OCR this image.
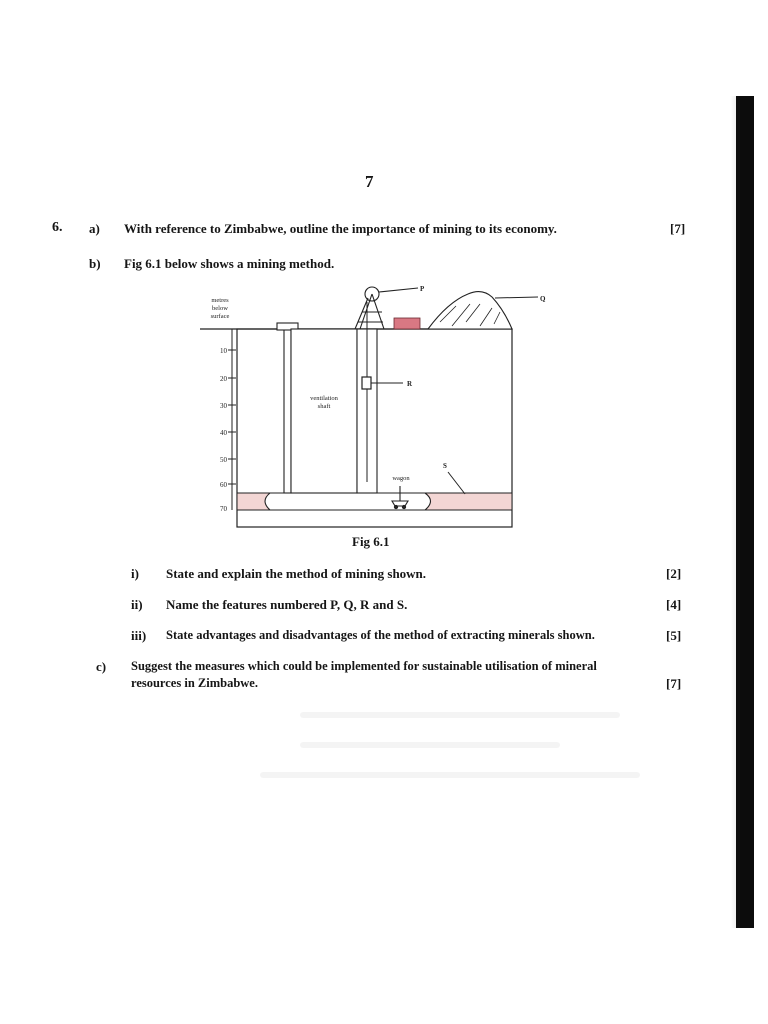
7
6. a) With reference to Zimbabwe, outline the importance of mining to its economy.	[7]
b) Fig 6.1 below shows a mining method.
metres
below
surface
10
20
30
40
50
60
70
ventilation
shaft
wagon
P
Q
R
S
Fig 6.1
i) State and explain the method of mining shown.	[2]
ii) Name the features numbered P, Q, R and S.	[4]
iii) State advantages and disadvantages of the method of extracting minerals shown.	[5]
c) Suggest the measures which could be implemented for sustainable utilisation of mineral
resources in Zimbabwe.	[7]
